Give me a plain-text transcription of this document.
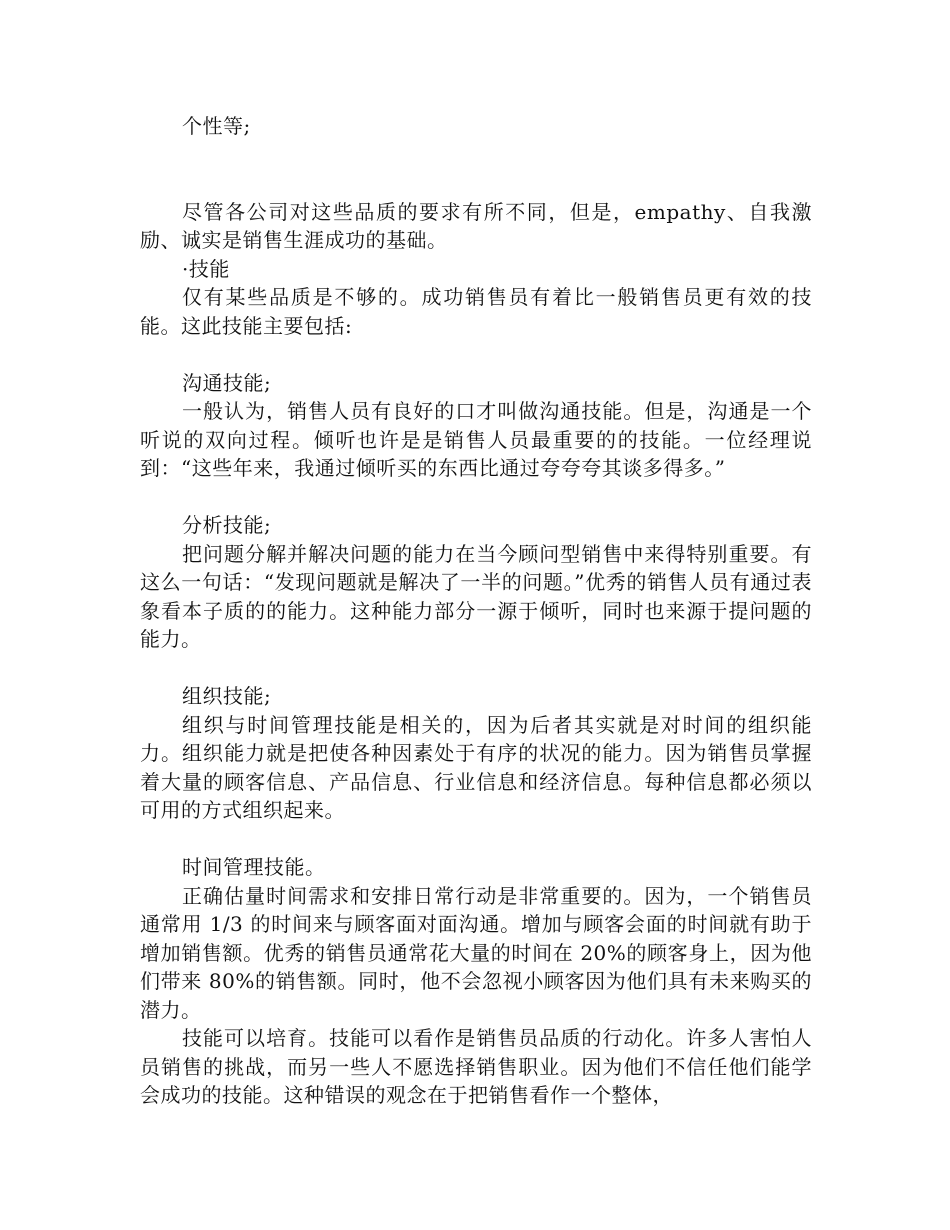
个性等;

尽管各公司对这些品质的要求有所不同，但是，empathy、自我激励、诚实是销售生涯成功的基础。

·技能

仅有某些品质是不够的。成功销售员有着比一般销售员更有效的技能。这此技能主要包括:

沟通技能;

一般认为，销售人员有良好的口才叫做沟通技能。但是，沟通是一个听说的双向过程。倾听也许是是销售人员最重要的的技能。一位经理说到：“这些年来，我通过倾听买的东西比通过夸夸夸其谈多得多。”

分析技能;

把问题分解并解决问题的能力在当今顾问型销售中来得特别重要。有这么一句话：“发现问题就是解决了一半的问题。”优秀的销售人员有通过表象看本子质的的能力。这种能力部分一源于倾听，同时也来源于提问题的能力。

组织技能;

组织与时间管理技能是相关的，因为后者其实就是对时间的组织能力。组织能力就是把使各种因素处于有序的状况的能力。因为销售员掌握着大量的顾客信息、产品信息、行业信息和经济信息。每种信息都必须以可用的方式组织起来。

时间管理技能。

正确估量时间需求和安排日常行动是非常重要的。因为，一个销售员通常用 1/3 的时间来与顾客面对面沟通。增加与顾客会面的时间就有助于增加销售额。优秀的销售员通常花大量的时间在 20%的顾客身上，因为他们带来 80%的销售额。同时，他不会忽视小顾客因为他们具有未来购买的潜力。

技能可以培育。技能可以看作是销售员品质的行动化。许多人害怕人员销售的挑战，而另一些人不愿选择销售职业。因为他们不信任他们能学会成功的技能。这种错误的观念在于把销售看作一个整体，
